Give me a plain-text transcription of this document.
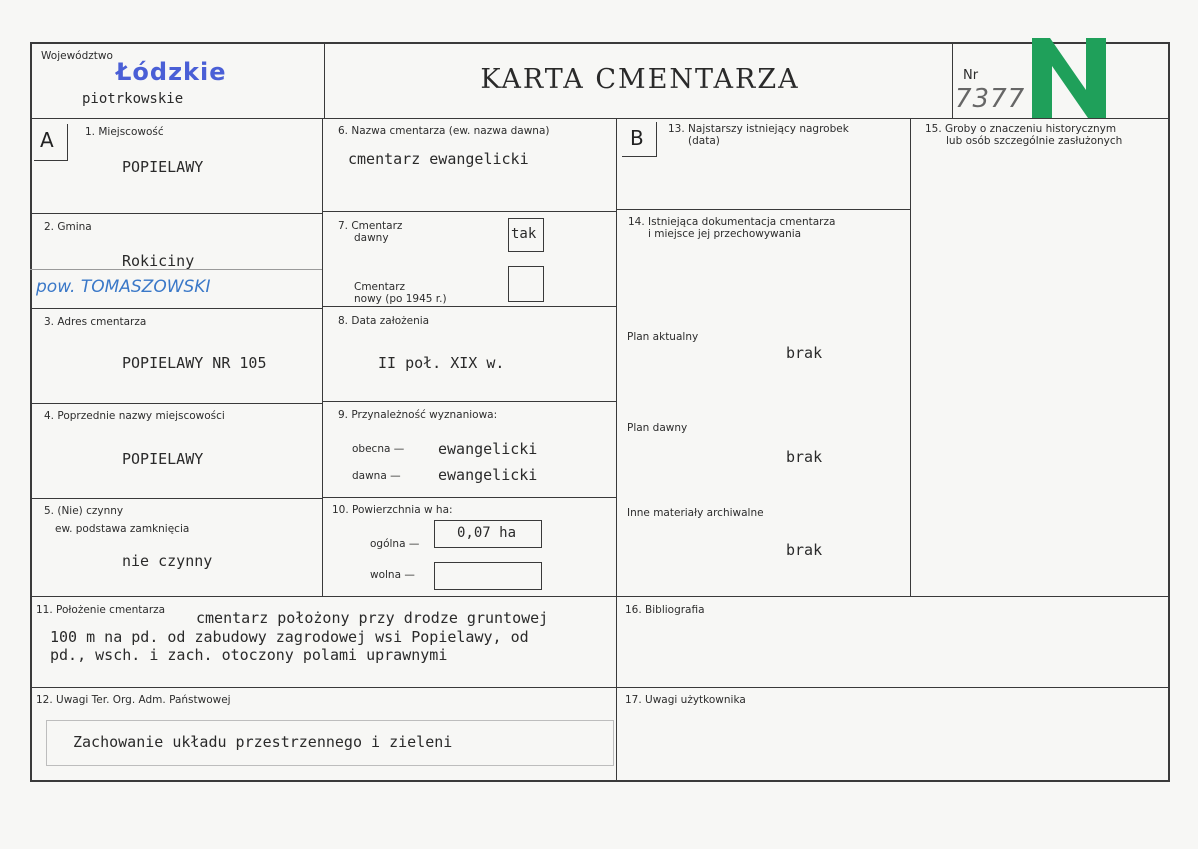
Województwo
Łódzkie
piotrkowskie
KARTA CMENTARZA	Nr
7377
A	1. Miejscowość
POPIELAWY
2. Gmina
Rokiciny
pow. TOMASZOWSKI
3. Adres cmentarza
POPIELAWY NR 105
4. Poprzednie nazwy miejscowości
POPIELAWY
5. (Nie) czynny
ew. podstawa zamknięcia
nie czynny
6. Nazwa cmentarza (ew. nazwa dawna)
cmentarz ewangelicki
7. Cmentarz
dawny	tak
Cmentarz
nowy (po 1945 r.)
8. Data założenia
II poł. XIX w.
9. Przynależność wyznaniowa:
obecna — ewangelicki
dawna — ewangelicki
10. Powierzchnia w ha:
ogólna —
0,07 ha
wolna —
B 13. Najstarszy istniejący nagrobek
(data)
14. Istniejąca dokumentacja cmentarza
i miejsce jej przechowywania
Plan aktualny
brak
Plan dawny
brak
Inne materiały archiwalne
brak
15. Groby o znaczeniu historycznym
lub osób szczególnie zasłużonych
11. Położenie cmentarza cmentarz położony przy drodze gruntowej
100 m na pd. od zabudowy zagrodowej wsi Popielawy, od
pd., wsch. i zach. otoczony polami uprawnymi
16. Bibliografia
12. Uwagi Ter. Org. Adm. Państwowej
Zachowanie układu przestrzennego i zieleni
17. Uwagi użytkownika
